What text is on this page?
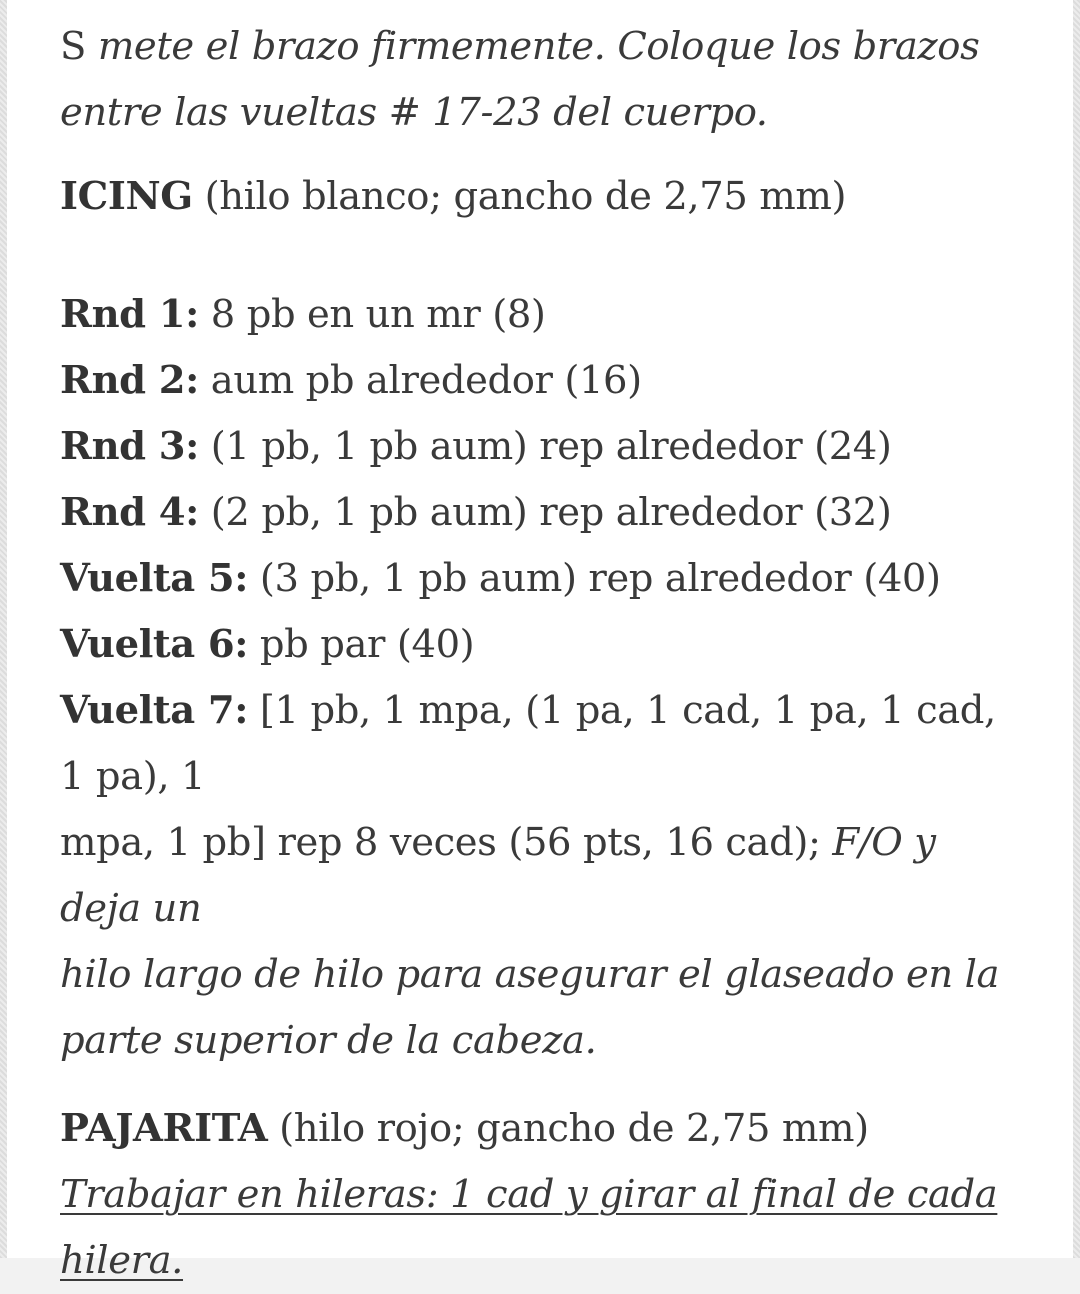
S mete el brazo firmemente. Coloque los brazos
entre las vueltas # 17-23 del cuerpo.

ICING (hilo blanco; gancho de 2,75 mm)

Rnd 1: 8 pb en un mr (8)

Rnd 2: aum pb alrededor (16)

Rnd 3: (1 pb, 1 pb aum) rep alrededor (24)

Rnd 4: (2 pb, 1 pb aum) rep alrededor (32)

Vuelta 5: (3 pb, 1 pb aum) rep alrededor (40)

Vuelta 6: pb par (40)

Vuelta 7: [1 pb, 1 mpa, (1 pa, 1 cad, 1 pa, 1 cad, 1 pa), 1
mpa, 1 pb] rep 8 veces (56 pts, 16 cad); F/O y deja un
hilo largo de hilo para asegurar el glaseado en la
parte superior de la cabeza.

PAJARITA (hilo rojo; gancho de 2,75 mm)

Trabajar en hileras: 1 cad y girar al final de cada
hilera.
